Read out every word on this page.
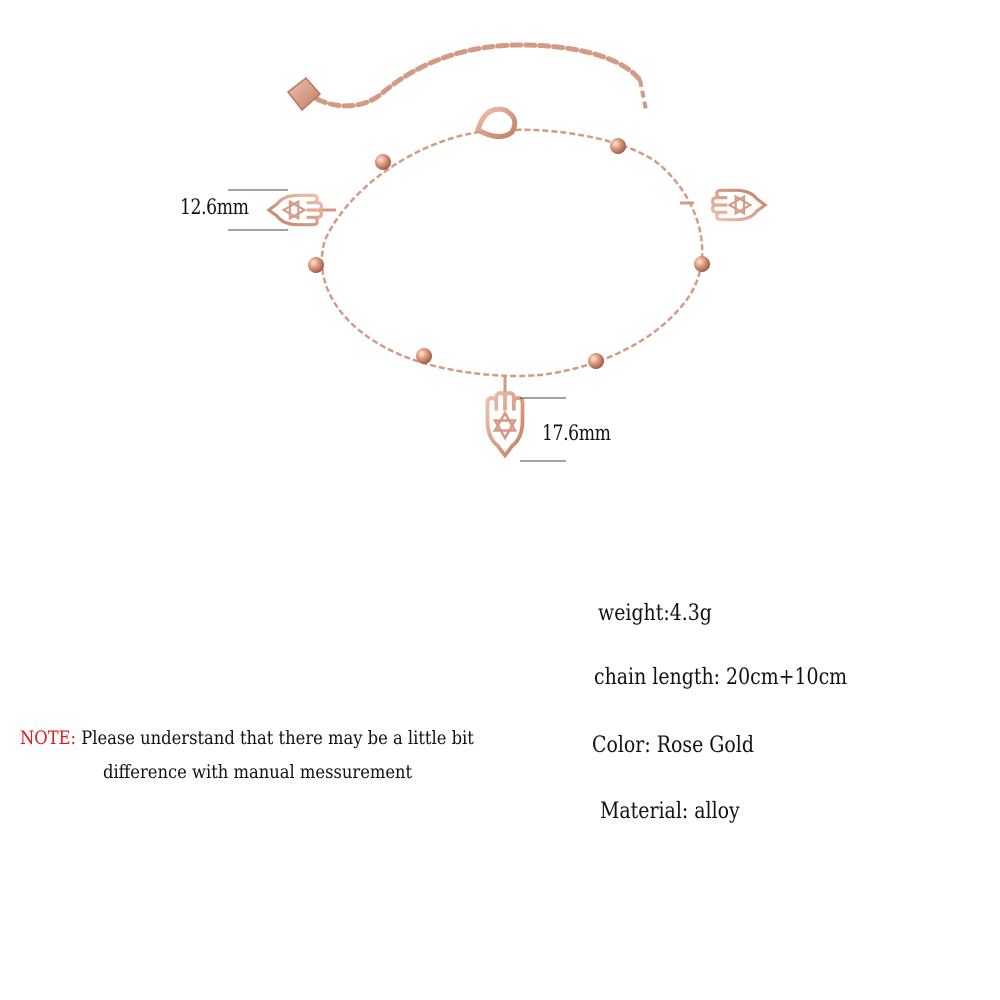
12.6mm
17.6mm
weight:4.3g
chain length: 20cm+10cm
Color: Rose Gold
Material: alloy
NOTE: Please understand that there may be a little bit
difference with manual messurement
